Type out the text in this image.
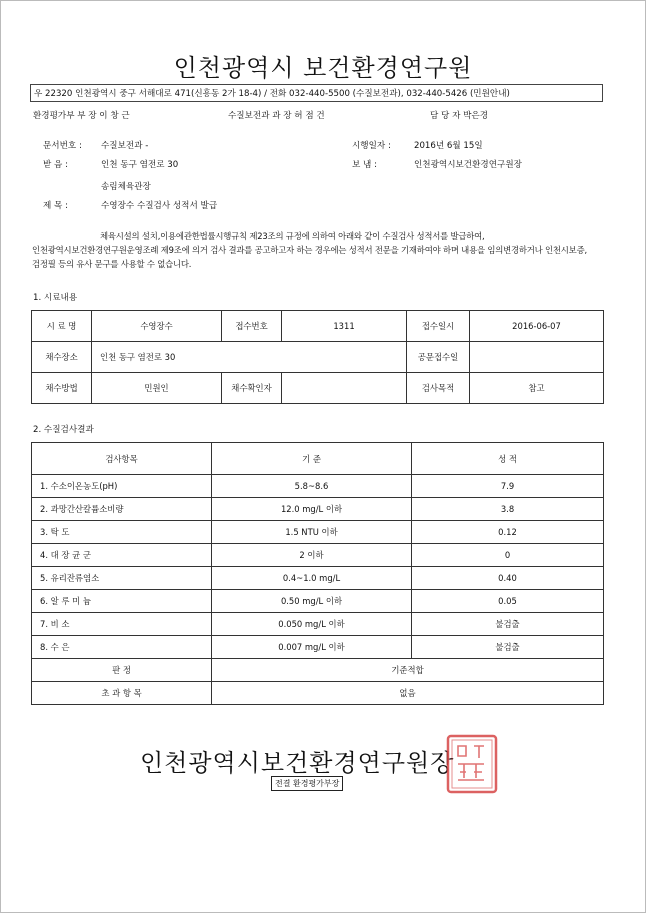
인천광역시 보건환경연구원
우 22320 인천광역시 중구 서해대로 471(신흥동 2가 18-4) / 전화 032-440-5500 (수질보전과), 032-440-5426 (민원안내)
환경평가부 부 장 이 창 근	수질보전과 과 장 허 점 건	담 당 자 박은경
문서번호 : 수질보전과 -	시행일자 :	2016년 6월 15일
받 음 :	인천 동구 염전로 30	보 냄 :	인천광역시보건환경연구원장
송림체육관장
제 목 :	수영장수 수질검사 성적서 발급
체육시설의 설치,이용에관한법률시행규칙 제23조의 규정에 의하여 아래와 같이 수질검사 성적서를 발급하여, 인천광역시보건환경연구원운영조례 제9조에 의거 검사 결과를 공고하고자 하는 경우에는 성적서 전문을 기재하여야 하며 내용을 임의변경하거나 인천시보증, 검정필 등의 유사 문구를 사용할 수 없습니다.
1. 시료내용
시 료 명	수영장수	접수번호	1311	접수일시	2016-06-07
채수장소	인천 동구 염전로 30			공문접수일	
채수방법	민원인	채수확인자		검사목적	참고
2. 수질검사결과
검사항목	기 준	성 적
1. 수소이온농도(pH)	5.8~8.6	7.9
2. 과망간산칼륨소비량	12.0 mg/L 이하	3.8
3. 탁 도	1.5 NTU 이하	0.12
4. 대 장 균 군	2 이하	0
5. 유리잔류염소	0.4~1.0 mg/L	0.40
6. 알 루 미 늄	0.50 mg/L 이하	0.05
7. 비 소	0.050 mg/L 이하	불검출
8. 수 은	0.007 mg/L 이하	불검출
판 정	기준적합	
초 과 항 목	없음	
인천광역시보건환경연구원장
전결 환경평가부장
